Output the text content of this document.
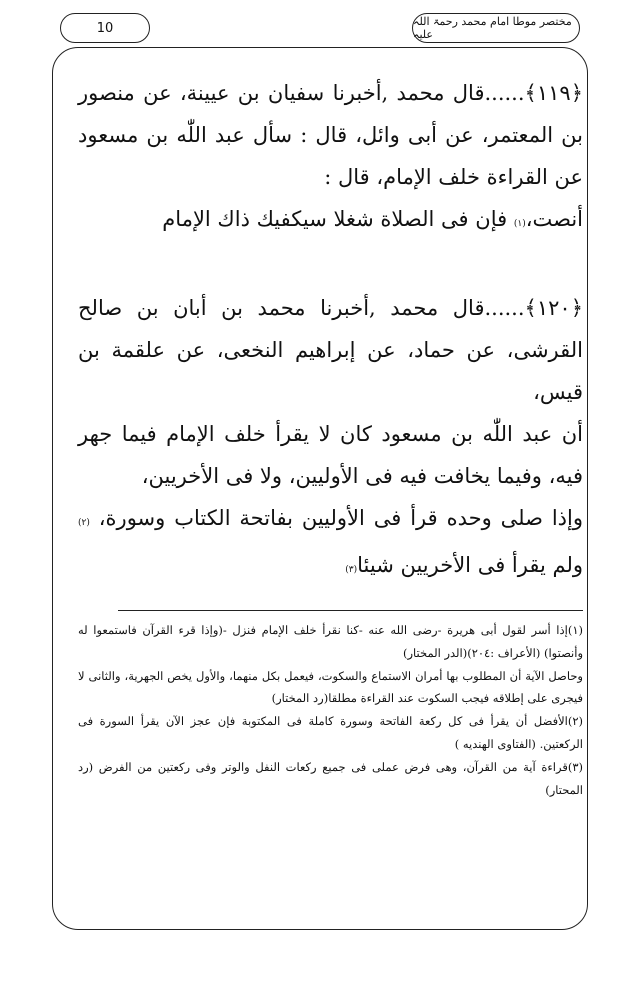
10	مختصر موطا امام محمد رحمۃ اللہ علیہ

﴿١١٩﴾......قال محمد ,أخبرنا سفيان بن عيينة، عن منصور بن المعتمر، عن أبى وائل، قال : سأل عبد اللّٰه بن مسعود عن القراءة خلف الإمام، قال :

أنصت،(١) فإن فى الصلاة شغلا سيكفيك ذاك الإمام

﴿١٢٠﴾......قال محمد ,أخبرنا محمد بن أبان بن صالح القرشى، عن حماد، عن إبراهيم النخعى، عن علقمة بن قيس،

أن عبد اللّٰه بن مسعود كان لا يقرأ خلف الإمام فيما جهر فيه، وفيما يخافت فيه فى الأوليين، ولا فى الأخريين،

وإذا صلى وحده قرأ فى الأوليين بفاتحة الكتاب وسورة، (٢) ولم يقرأ فى الأخريين شيئا(٣)

(١)إذا أسر لقول أبى هريرة -رضى الله عنه -كنا نقرأ خلف الإمام فنزل -(وإذا قرء القرآن فاستمعوا له وأنصتوا) (الأعراف :٢٠٤)(الدر المختار)

وحاصل الآية أن المطلوب بها أمران الاستماع والسكوت، فيعمل بكل منهما، والأول يخص الجهرية، والثانى لا فيجرى على إطلاقه فيجب السكوت عند القراءة مطلقا(رد المختار)

(٢)الأفضل أن يقرأ فى كل ركعة الفاتحة وسورة كاملة فى المكتوبة فإن عجز الآن يقرأ السورة فى الركعتين. (الفتاوى الهنديه )

(٣)قراءة آية من القرآن، وهى فرض عملى فى جميع ركعات النفل والوتر وفى ركعتين من الفرض (رد المحتار)
